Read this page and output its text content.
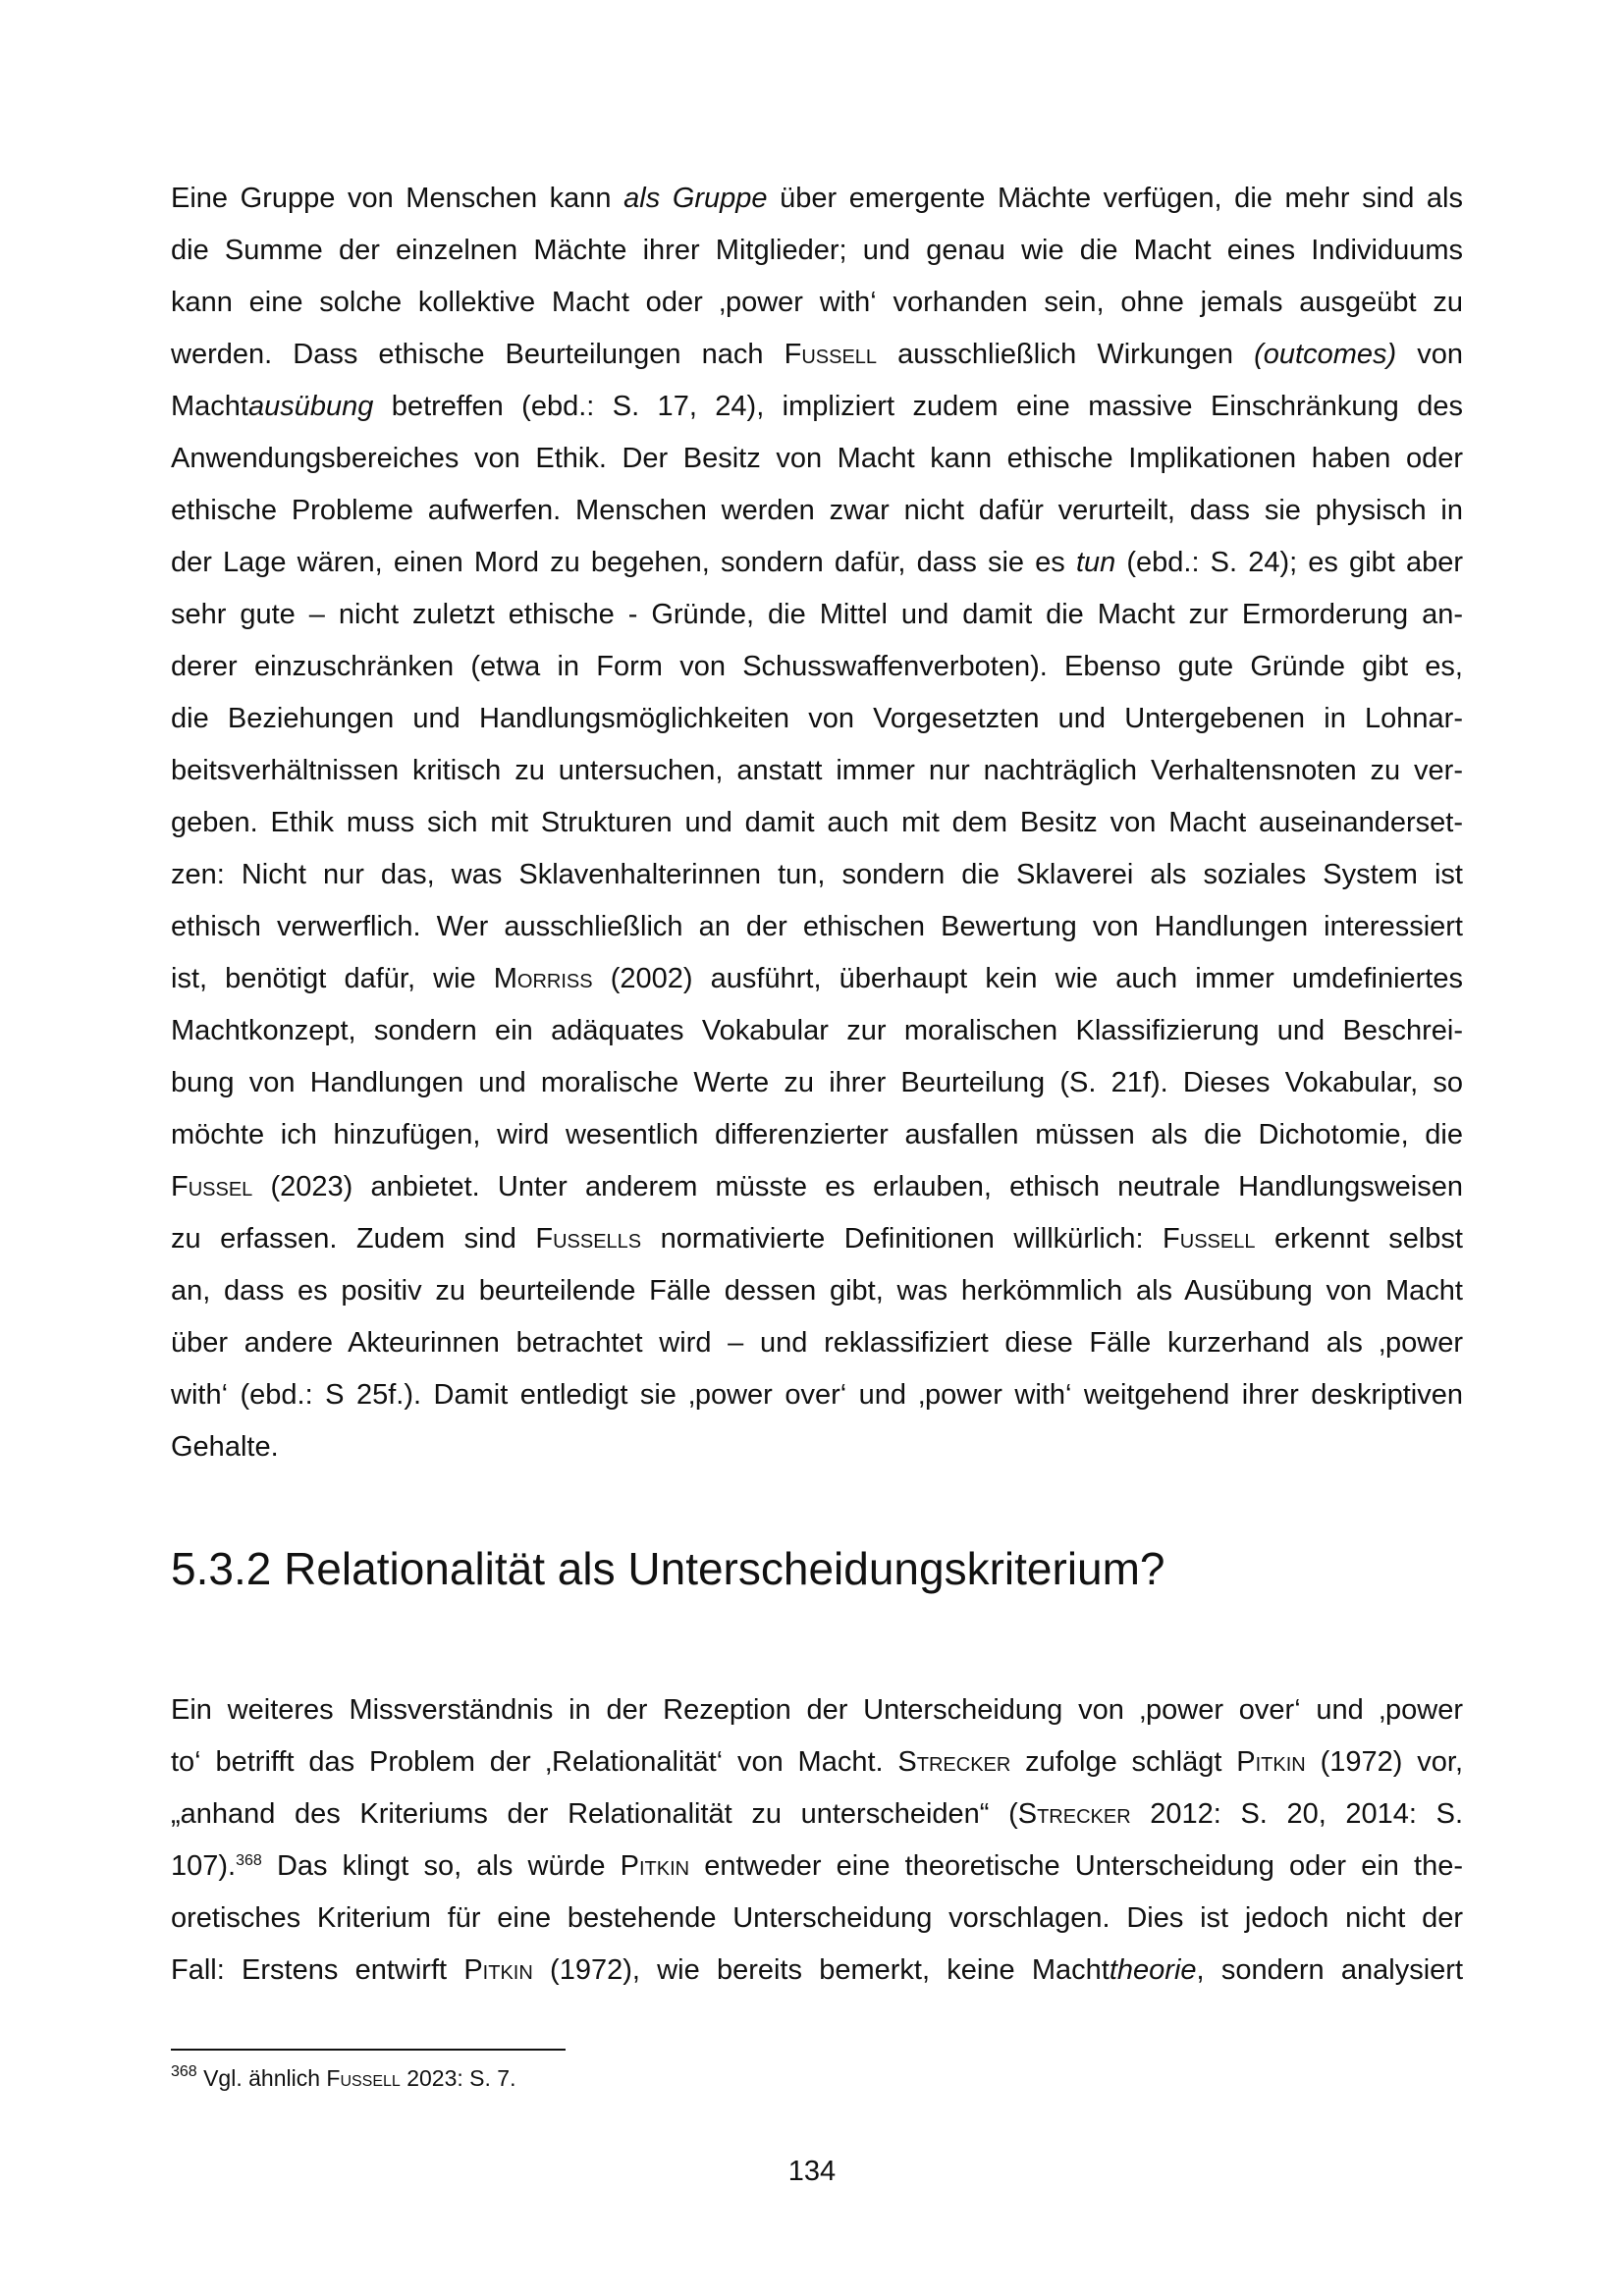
Eine Gruppe von Menschen kann als Gruppe über emergente Mächte verfügen, die mehr sind als
die Summe der einzelnen Mächte ihrer Mitglieder; und genau wie die Macht eines Individuums
kann eine solche kollektive Macht oder ‚power with‘ vorhanden sein, ohne jemals ausgeübt zu
werden. Dass ethische Beurteilungen nach Fussell ausschließlich Wirkungen (outcomes) von
Machtausübung betreffen (ebd.: S. 17, 24), impliziert zudem eine massive Einschränkung des
Anwendungsbereiches von Ethik. Der Besitz von Macht kann ethische Implikationen haben oder
ethische Probleme aufwerfen. Menschen werden zwar nicht dafür verurteilt, dass sie physisch in
der Lage wären, einen Mord zu begehen, sondern dafür, dass sie es tun (ebd.: S. 24); es gibt aber
sehr gute – nicht zuletzt ethische - Gründe, die Mittel und damit die Macht zur Ermorderung an-
derer einzuschränken (etwa in Form von Schusswaffenverboten). Ebenso gute Gründe gibt es,
die Beziehungen und Handlungsmöglichkeiten von Vorgesetzten und Untergebenen in Lohnar-
beitsverhältnissen kritisch zu untersuchen, anstatt immer nur nachträglich Verhaltensnoten zu ver-
geben. Ethik muss sich mit Strukturen und damit auch mit dem Besitz von Macht auseinanderset-
zen: Nicht nur das, was Sklavenhalterinnen tun, sondern die Sklaverei als soziales System ist
ethisch verwerflich. Wer ausschließlich an der ethischen Bewertung von Handlungen interessiert
ist, benötigt dafür, wie Morriss (2002) ausführt, überhaupt kein wie auch immer umdefiniertes
Machtkonzept, sondern ein adäquates Vokabular zur moralischen Klassifizierung und Beschrei-
bung von Handlungen und moralische Werte zu ihrer Beurteilung (S. 21f). Dieses Vokabular, so
möchte ich hinzufügen, wird wesentlich differenzierter ausfallen müssen als die Dichotomie, die
Fussel (2023) anbietet. Unter anderem müsste es erlauben, ethisch neutrale Handlungsweisen
zu erfassen. Zudem sind Fussells normativierte Definitionen willkürlich: Fussell erkennt selbst
an, dass es positiv zu beurteilende Fälle dessen gibt, was herkömmlich als Ausübung von Macht
über andere Akteurinnen betrachtet wird – und reklassifiziert diese Fälle kurzerhand als ‚power
with‘ (ebd.: S 25f.). Damit entledigt sie ‚power over‘ und ‚power with‘ weitgehend ihrer deskriptiven
Gehalte.
5.3.2 Relationalität als Unterscheidungskriterium?
Ein weiteres Missverständnis in der Rezeption der Unterscheidung von ‚power over‘ und ‚power
to‘ betrifft das Problem der ‚Relationalität‘ von Macht. Strecker zufolge schlägt Pitkin (1972) vor,
„anhand des Kriteriums der Relationalität zu unterscheiden“ (Strecker 2012: S. 20, 2014: S.
107).$^{368}$ Das klingt so, als würde Pitkin entweder eine theoretische Unterscheidung oder ein the-
oretisches Kriterium für eine bestehende Unterscheidung vorschlagen. Dies ist jedoch nicht der
Fall: Erstens entwirft Pitkin (1972), wie bereits bemerkt, keine Machttheorie, sondern analysiert
$^{368}$ Vgl. ähnlich Fussell 2023: S. 7.
134
